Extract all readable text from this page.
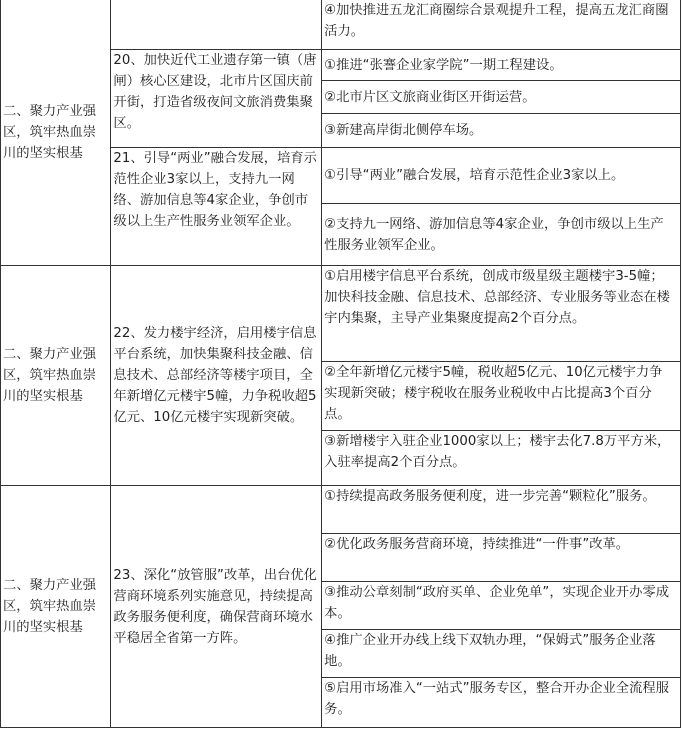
二、聚力产业强区，筑牢热血崇川的坚实根基		④加快推进五龙汇商圈综合景观提升工程，提高五龙汇商圈活力。

	20、加快近代工业遗存第一镇（唐闸）核心区建设，北市片区国庆前开街，打造省级夜间文旅消费集聚区。	①推进“张謇企业家学院”一期工程建设。

		②北市片区文旅商业街区开街运营。

		③新建高岸街北侧停车场。

	21、引导“两业”融合发展，培育示范性企业3家以上，支持九一网络、游加信息等4家企业，争创市级以上生产性服务业领军企业。	①引导“两业”融合发展，培育示范性企业3家以上。

		②支持九一网络、游加信息等4家企业，争创市级以上生产性服务业领军企业。

二、聚力产业强区，筑牢热血崇川的坚实根基	22、发力楼宇经济，启用楼宇信息平台系统，加快集聚科技金融、信息技术、总部经济等楼宇项目，全年新增亿元楼宇5幢，力争税收超5亿元、10亿元楼宇实现新突破。	①启用楼宇信息平台系统，创成市级星级主题楼宇3-5幢；加快科技金融、信息技术、总部经济、专业服务等业态在楼宇内集聚，主导产业集聚度提高2个百分点。

		②全年新增亿元楼宇5幢，税收超5亿元、10亿元楼宇力争实现新突破；楼宇税收在服务业税收中占比提高3个百分点。

		③新增楼宇入驻企业1000家以上；楼宇去化7.8万平方米，入驻率提高2个百分点。

二、聚力产业强区，筑牢热血崇川的坚实根基	23、深化“放管服”改革，出台优化营商环境系列实施意见，持续提高政务服务便利度，确保营商环境水平稳居全省第一方阵。	①持续提高政务服务便利度，进一步完善“颗粒化”服务。

		②优化政务服务营商环境，持续推进“一件事”改革。

		③推动公章刻制“政府买单、企业免单”，实现企业开办零成本。

		④推广企业开办线上线下双轨办理，“保姆式”服务企业落地。

		⑤启用市场准入“一站式”服务专区，整合开办企业全流程服务。
